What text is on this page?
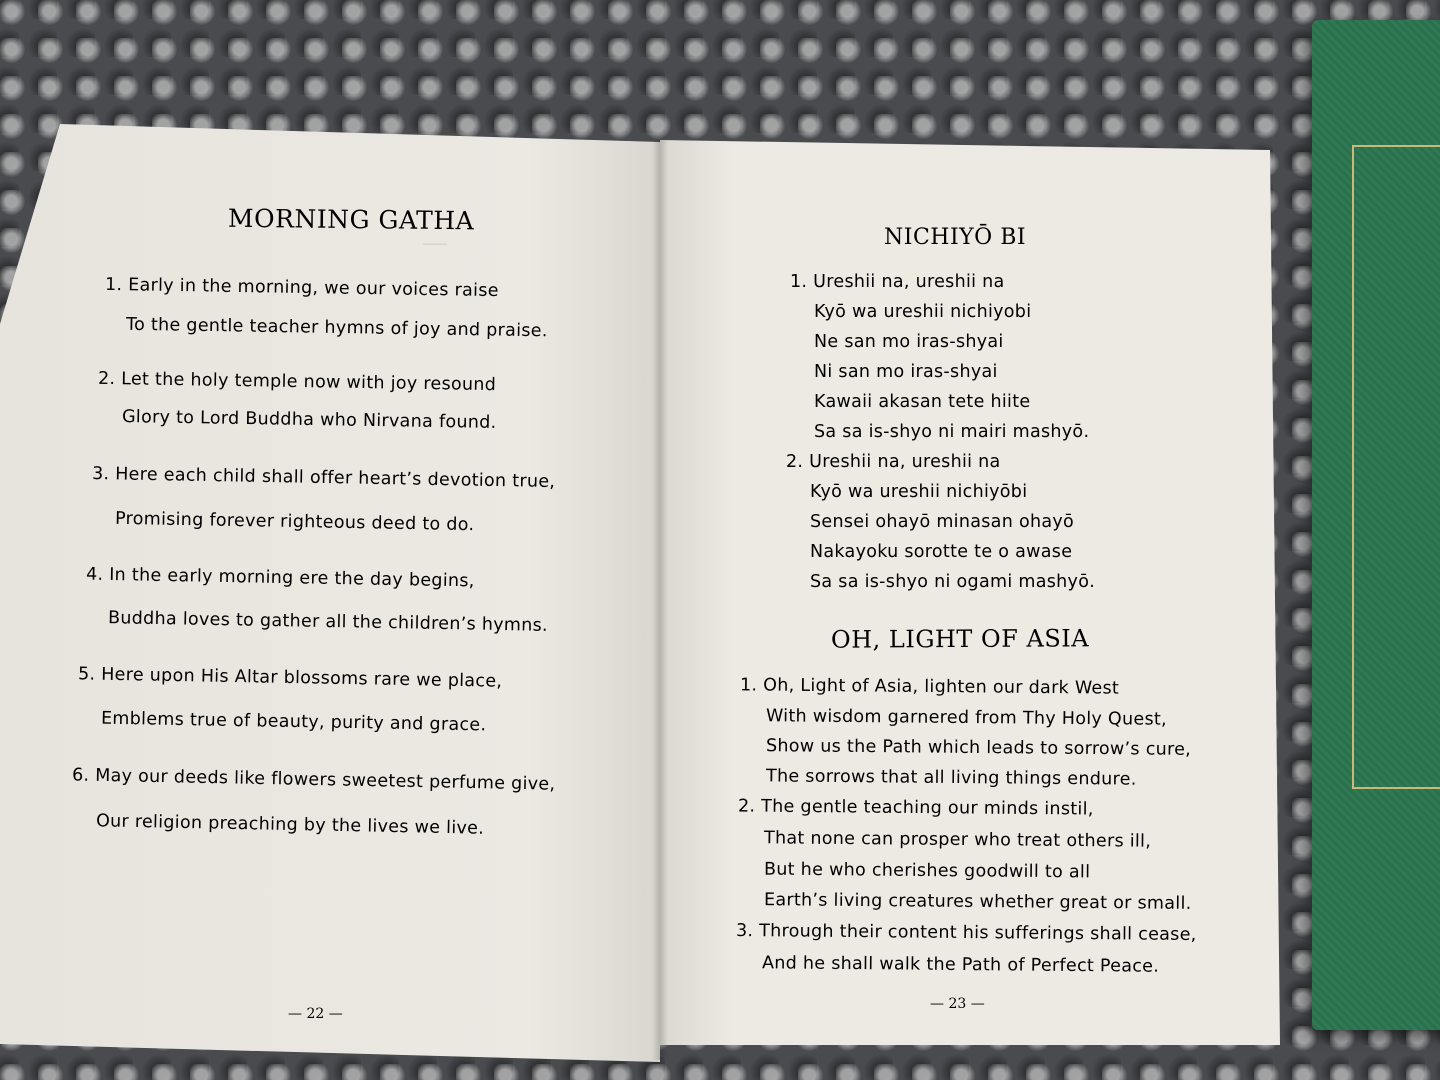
—
MORNING GATHA
1. Early in the morning, we our voices raise
To the gentle teacher hymns of joy and praise.
2. Let the holy temple now with joy resound
Glory to Lord Buddha who Nirvana found.
3. Here each child shall offer heart’s devotion true,
Promising forever righteous deed to do.
4. In the early morning ere the day begins,
Buddha loves to gather all the children’s hymns.
5. Here upon His Altar blossoms rare we place,
Emblems true of beauty, purity and grace.
6. May our deeds like flowers sweetest perfume give,
Our religion preaching by the lives we live.
— 22 —
NICHIYŌ BI
1. Ureshii na, ureshii na
Kyō wa ureshii nichiyobi
Ne san mo iras-shyai
Ni san mo iras-shyai
Kawaii akasan tete hiite
Sa sa is-shyo ni mairi mashyō.
2. Ureshii na, ureshii na
Kyō wa ureshii nichiyōbi
Sensei ohayō minasan ohayō
Nakayoku sorotte te o awase
Sa sa is-shyo ni ogami mashyō.
OH, LIGHT OF ASIA
1. Oh, Light of Asia, lighten our dark West
With wisdom garnered from Thy Holy Quest,
Show us the Path which leads to sorrow’s cure,
The sorrows that all living things endure.
2. The gentle teaching our minds instil,
That none can prosper who treat others ill,
But he who cherishes goodwill to all
Earth’s living creatures whether great or small.
3. Through their content his sufferings shall cease,
And he shall walk the Path of Perfect Peace.
— 23 —
